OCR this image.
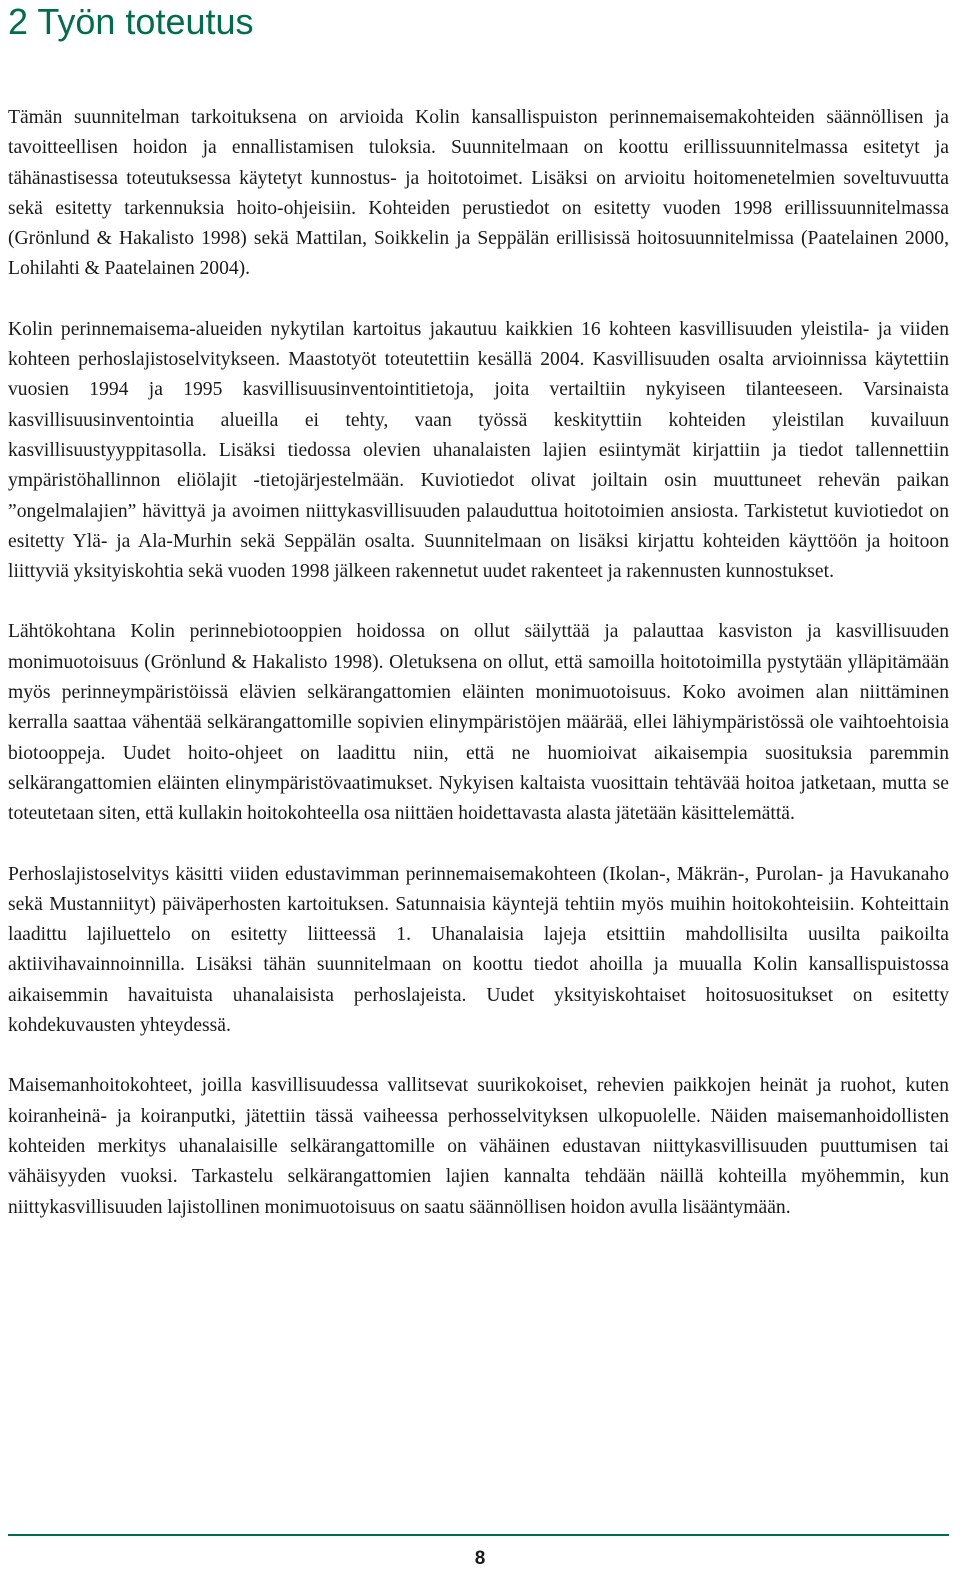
2 Työn toteutus

Tämän suunnitelman tarkoituksena on arvioida Kolin kansallispuiston perinnemaisemakohteiden säännöllisen ja tavoitteellisen hoidon ja ennallistamisen tuloksia. Suunnitelmaan on koottu erillissuunnitelmassa esitetyt ja tähänastisessa toteutuksessa käytetyt kunnostus- ja hoitotoimet. Lisäksi on arvioitu hoitomenetelmien soveltuvuutta sekä esitetty tarkennuksia hoito-ohjeisiin. Kohteiden perustiedot on esitetty vuoden 1998 erillissuunnitelmassa (Grönlund & Hakalisto 1998) sekä Mattilan, Soikkelin ja Seppälän erillisissä hoitosuunnitelmissa (Paatelainen 2000, Lohilahti & Paatelainen 2004).

Kolin perinnemaisema-alueiden nykytilan kartoitus jakautuu kaikkien 16 kohteen kasvillisuuden yleistila- ja viiden kohteen perhoslajistoselvitykseen. Maastotyöt toteutettiin kesällä 2004. Kasvillisuuden osalta arvioinnissa käytettiin vuosien 1994 ja 1995 kasvillisuusinventointitietoja, joita vertailtiin nykyiseen tilanteeseen. Varsinaista kasvillisuusinventointia alueilla ei tehty, vaan työssä keskityttiin kohteiden yleistilan kuvailuun kasvillisuustyyppitasolla. Lisäksi tiedossa olevien uhanalaisten lajien esiintymät kirjattiin ja tiedot tallennettiin ympäristöhallinnon eliölajit -tietojärjestelmään. Kuviotiedot olivat joiltain osin muuttuneet rehevän paikan ”ongelmalajien” hävittyä ja avoimen niittykasvillisuuden palauduttua hoitotoimien ansiosta. Tarkistetut kuviotiedot on esitetty Ylä- ja Ala-Murhin sekä Seppälän osalta. Suunnitelmaan on lisäksi kirjattu kohteiden käyttöön ja hoitoon liittyviä yksityiskohtia sekä vuoden 1998 jälkeen rakennetut uudet rakenteet ja rakennusten kunnostukset.

Lähtökohtana Kolin perinnebiotooppien hoidossa on ollut säilyttää ja palauttaa kasviston ja kasvillisuuden monimuotoisuus (Grönlund & Hakalisto 1998). Oletuksena on ollut, että samoilla hoitotoimilla pystytään ylläpitämään myös perinneympäristöissä elävien selkärangattomien eläinten monimuotoisuus. Koko avoimen alan niittäminen kerralla saattaa vähentää selkärangattomille sopivien elinympäristöjen määrää, ellei lähiympäristössä ole vaihtoehtoisia biotooppeja. Uudet hoito-ohjeet on laadittu niin, että ne huomioivat aikaisempia suosituksia paremmin selkärangattomien eläinten elinympäristövaatimukset. Nykyisen kaltaista vuosittain tehtävää hoitoa jatketaan, mutta se toteutetaan siten, että kullakin hoitokohteella osa niittäen hoidettavasta alasta jätetään käsittelemättä.

Perhoslajistoselvitys käsitti viiden edustavimman perinnemaisemakohteen (Ikolan-, Mäkrän-, Purolan- ja Havukanaho sekä Mustanniityt) päiväperhosten kartoituksen. Satunnaisia käyntejä tehtiin myös muihin hoitokohteisiin. Kohteittain laadittu lajiluettelo on esitetty liitteessä 1. Uhanalaisia lajeja etsittiin mahdollisilta uusilta paikoilta aktiivihavainnoinnilla. Lisäksi tähän suunnitelmaan on koottu tiedot ahoilla ja muualla Kolin kansallispuistossa aikaisemmin havaituista uhanalaisista perhoslajeista. Uudet yksityiskohtaiset hoitosuositukset on esitetty kohdekuvausten yhteydessä.

Maisemanhoitokohteet, joilla kasvillisuudessa vallitsevat suurikokoiset, rehevien paikkojen heinät ja ruohot, kuten koiranheinä- ja koiranputki, jätettiin tässä vaiheessa perhosselvityksen ulkopuolelle. Näiden maisemanhoidollisten kohteiden merkitys uhanalaisille selkärangattomille on vähäinen edustavan niittykasvillisuuden puuttumisen tai vähäisyyden vuoksi. Tarkastelu selkärangattomien lajien kannalta tehdään näillä kohteilla myöhemmin, kun niittykasvillisuuden lajistollinen monimuotoisuus on saatu säännöllisen hoidon avulla lisääntymään.

8
